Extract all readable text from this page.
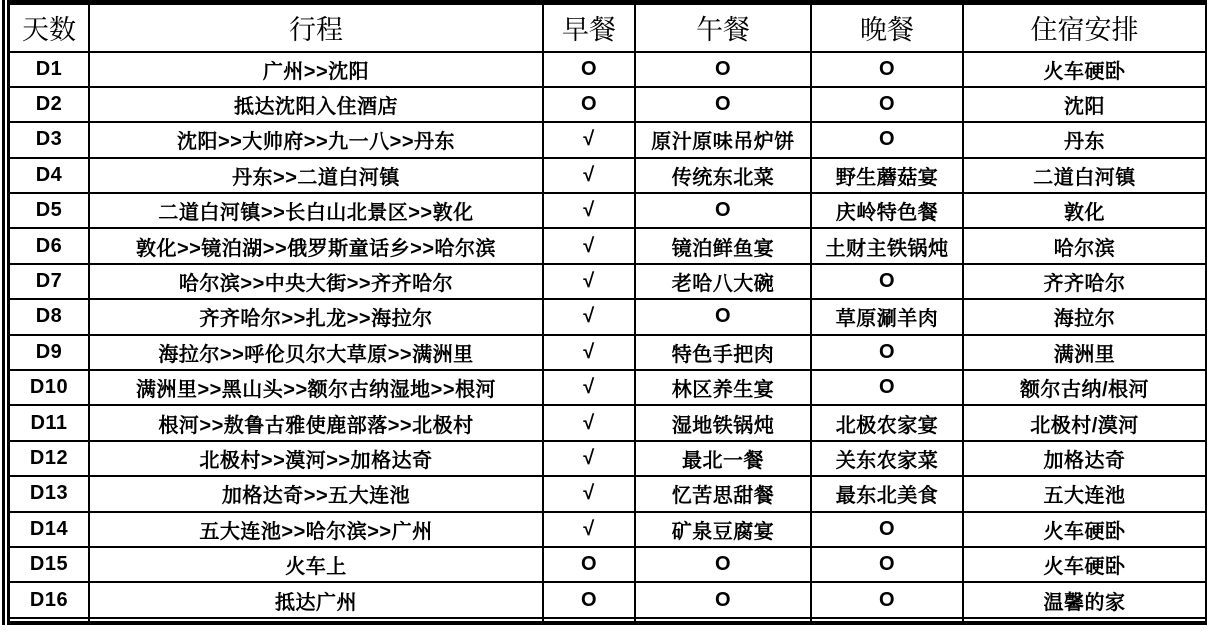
天数	行程	早餐	午餐	晚餐	住宿安排
D1	广州>>沈阳	O	O	O	火车硬卧
D2	抵达沈阳入住酒店	O	O	O	沈阳
D3	沈阳>>大帅府>>九一八>>丹东	√	原汁原味吊炉饼	O	丹东
D4	丹东>>二道白河镇	√	传统东北菜	野生蘑菇宴	二道白河镇
D5	二道白河镇>>长白山北景区>>敦化	√	O	庆岭特色餐	敦化
D6	敦化>>镜泊湖>>俄罗斯童话乡>>哈尔滨	√	镜泊鲜鱼宴	土财主铁锅炖	哈尔滨
D7	哈尔滨>>中央大街>>齐齐哈尔	√	老哈八大碗	O	齐齐哈尔
D8	齐齐哈尔>>扎龙>>海拉尔	√	O	草原涮羊肉	海拉尔
D9	海拉尔>>呼伦贝尔大草原>>满洲里	√	特色手把肉	O	满洲里
D10	满洲里>>黑山头>>额尔古纳湿地>>根河	√	林区养生宴	O	额尔古纳/根河
D11	根河>>敖鲁古雅使鹿部落>>北极村	√	湿地铁锅炖	北极农家宴	北极村/漠河
D12	北极村>>漠河>>加格达奇	√	最北一餐	关东农家菜	加格达奇
D13	加格达奇>>五大连池	√	忆苦思甜餐	最东北美食	五大连池
D14	五大连池>>哈尔滨>>广州	√	矿泉豆腐宴	O	火车硬卧
D15	火车上	O	O	O	火车硬卧
D16	抵达广州	O	O	O	温馨的家
